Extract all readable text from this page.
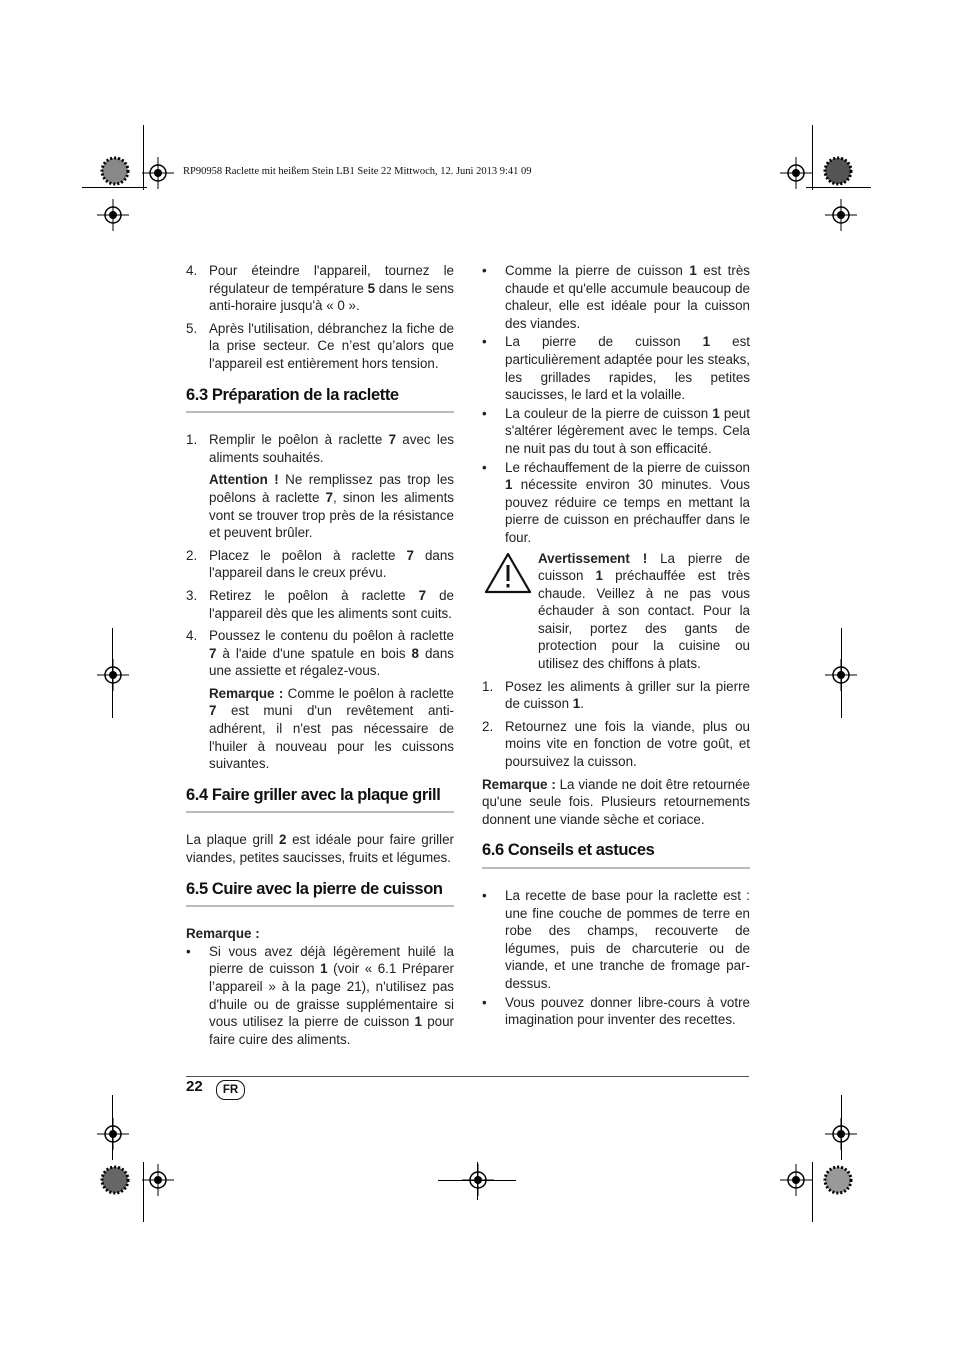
RP90958 Raclette mit heißem Stein LB1 Seite 22 Mittwoch, 12. Juni 2013 9:41 09
4. Pour éteindre l'appareil, tournez le régulateur de température 5 dans le sens anti-horaire jusqu'à « 0 ».
5. Après l'utilisation, débranchez la fiche de la prise secteur. Ce n’est qu’alors que l'appareil est entièrement hors tension.
6.3 Préparation de la raclette
1. Remplir le poêlon à raclette 7 avec les aliments souhaités.

Attention ! Ne remplissez pas trop les poêlons à raclette 7, sinon les aliments vont se trouver trop près de la résistance et peuvent brûler.

2. Placez le poêlon à raclette 7 dans l'appareil dans le creux prévu.
3. Retirez le poêlon à raclette 7 de l'appareil dès que les aliments sont cuits.
4. Poussez le contenu du poêlon à raclette 7 à l'aide d'une spatule en bois 8 dans une assiette et régalez-vous.

Remarque : Comme le poêlon à raclette 7 est muni d'un revêtement anti-adhérent, il n'est pas nécessaire de l'huiler à nouveau pour les cuissons suivantes.

6.4 Faire griller avec la plaque grill

La plaque grill 2 est idéale pour faire griller viandes, petites saucisses, fruits et légumes.

6.5 Cuire avec la pierre de cuisson

Remarque :

• Si vous avez déjà légèrement huilé la pierre de cuisson 1 (voir « 6.1 Préparer l’appareil » à la page 21), n'utilisez pas d'huile ou de graisse supplémentaire si vous utilisez la pierre de cuisson 1 pour faire cuire des aliments.
• Comme la pierre de cuisson 1 est très chaude et qu'elle accumule beaucoup de chaleur, elle est idéale pour la cuisson des viandes.
• La pierre de cuisson 1 est particulièrement adaptée pour les steaks, les grillades rapides, les petites saucisses, le lard et la volaille.
• La couleur de la pierre de cuisson 1 peut s'altérer légèrement avec le temps. Cela ne nuit pas du tout à son efficacité.
• Le réchauffement de la pierre de cuisson 1 nécessite environ 30 minutes. Vous pouvez réduire ce temps en mettant la pierre de cuisson en préchauffer dans le four.
Avertissement ! La pierre de cuisson 1 préchauffée est très chaude. Veillez à ne pas vous échauder à son contact. Pour la saisir, portez des gants de protection pour la cuisine ou utilisez des chiffons à plats.
1. Posez les aliments à griller sur la pierre de cuisson 1.
2. Retournez une fois la viande, plus ou moins vite en fonction de votre goût, et poursuivez la cuisson.

Remarque : La viande ne doit être retournée qu'une seule fois. Plusieurs retournements donnent une viande sèche et coriace.

6.6 Conseils et astuces
• La recette de base pour la raclette est : une fine couche de pommes de terre en robe des champs, recouverte de légumes, puis de charcuterie ou de viande, et une tranche de fromage par-dessus.
• Vous pouvez donner libre-cours à votre imagination pour inventer des recettes.
22	FR
